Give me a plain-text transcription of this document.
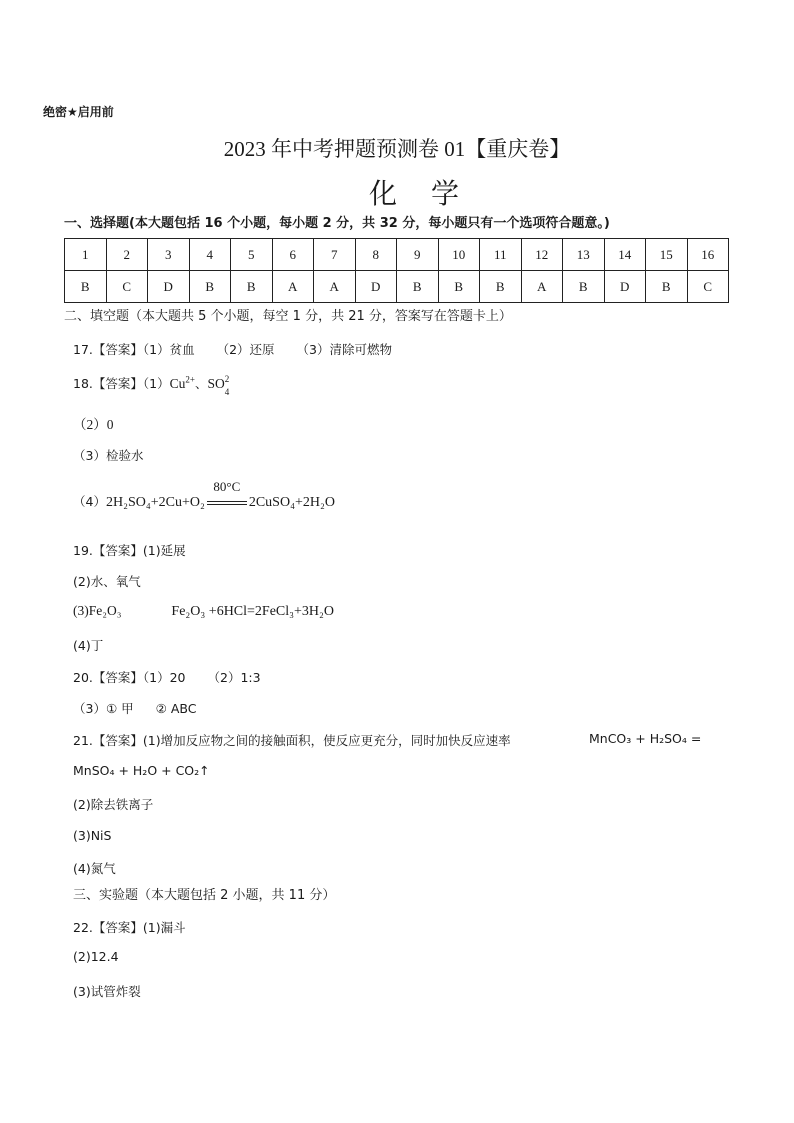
绝密★启用前
2023 年中考押题预测卷 01【重庆卷】
化学
一、选择题(本大题包括 16 个小题，每小题 2 分，共 32 分，每小题只有一个选项符合题意。)
1	2	3	4	5	6	7	8	9	10	11	12	13	14	15	16
B	C	D	B	B	A	A	D	B	B	B	A	B	D	B	C
二、填空题（本大题共 5 个小题，每空 1 分，共 21 分，答案写在答题卡上）
17.【答案】（1）贫血 （2）还原 （3）清除可燃物
18.【答案】$(1)Cu^{2+}$、SO 2
4
（2）0
（3）检验水
（4）2H₂SO₄+2Cu+O₂
80°C
2CuSO₄+2H₂O
19.【答案】(1)延展
(2)水、氧气
(3)Fe₂O₃	Fe₂O₃ +6HCl=2FeCl₃+3H₂O
(4)丁
20.【答案】（1）20 （2）1:3
（3）① 甲 ② ABC
21.【答案】(1)增加反应物之间的接触面积，使反应更充分，同时加快反应速率	MnCO₃ + H₂SO₄ =
MnSO₄ + H₂O + CO₂↑
(2)除去铁离子
(3)NiS
(4)氮气
三、实验题（本大题包括 2 小题，共 11 分）
22.【答案】(1)漏斗
(2)12.4
(3)试管炸裂
